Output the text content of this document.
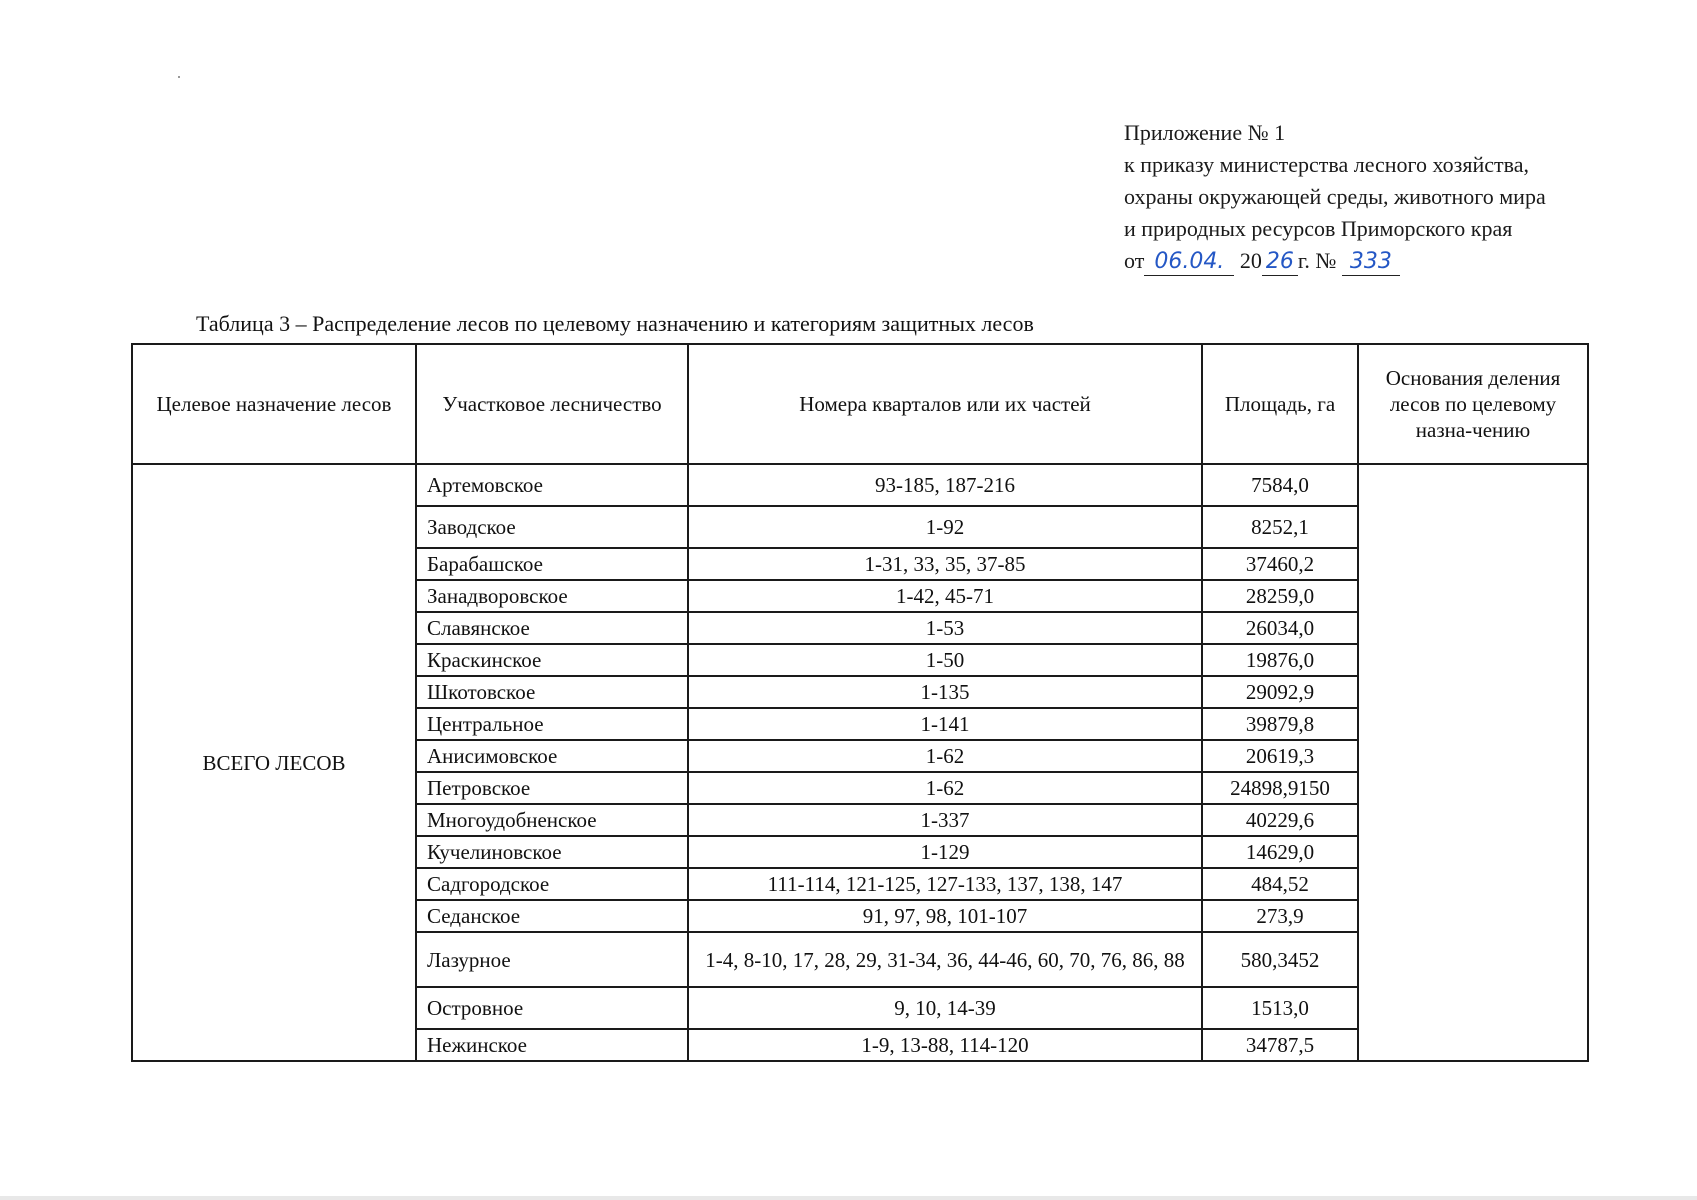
Приложение № 1
к приказу министерства лесного хозяйства,
охраны окружающей среды, животного мира
и природных ресурсов Приморского края
от 06.04. 20 26 г. № 333
Таблица 3 – Распределение лесов по целевому назначению и категориям защитных лесов
Целевое назначение лесов	Участковое лесничество	Номера кварталов или их частей	Площадь, га	Основания деления лесов по целевому назна-чению
ВСЕГО ЛЕСОВ	Артемовское	93-185, 187-216	7584,0	
	Заводское	1-92	8252,1	
	Барабашское	1-31, 33, 35, 37-85	37460,2	
	Занадворовское	1-42, 45-71	28259,0	
	Славянское	1-53	26034,0	
	Краскинское	1-50	19876,0	
	Шкотовское	1-135	29092,9	
	Центральное	1-141	39879,8	
	Анисимовское	1-62	20619,3	
	Петровское	1-62	24898,9150	
	Многоудобненское	1-337	40229,6	
	Кучелиновское	1-129	14629,0	
	Садгородское	111-114, 121-125, 127-133, 137, 138, 147	484,52	
	Седанское	91, 97, 98, 101-107	273,9	
	Лазурное	1-4, 8-10, 17, 28, 29, 31-34, 36, 44-46, 60, 70, 76, 86, 88	580,3452	
	Островное	9, 10, 14-39	1513,0	
	Нежинское	1-9, 13-88, 114-120	34787,5	
